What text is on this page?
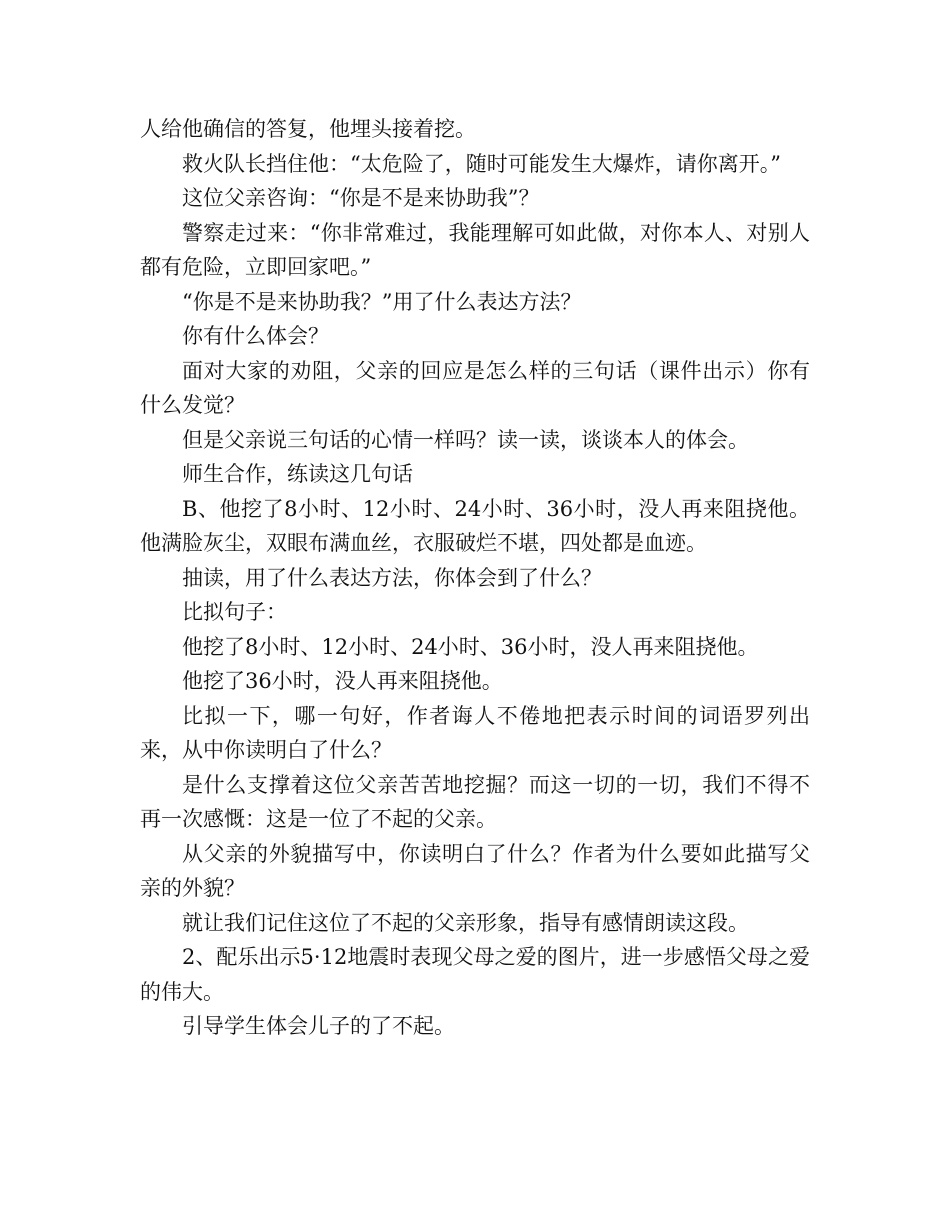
人给他确信的答复，他埋头接着挖。

救火队长挡住他：“太危险了，随时可能发生大爆炸，请你离开。”

这位父亲咨询：“你是不是来协助我”？

警察走过来：“你非常难过，我能理解可如此做，对你本人、对别人都有危险，立即回家吧。”

“你是不是来协助我？”用了什么表达方法？

你有什么体会？

面对大家的劝阻，父亲的回应是怎么样的三句话（课件出示）你有什么发觉？

但是父亲说三句话的心情一样吗？读一读，谈谈本人的体会。

师生合作，练读这几句话

B、他挖了8小时、12小时、24小时、36小时，没人再来阻挠他。他满脸灰尘，双眼布满血丝，衣服破烂不堪，四处都是血迹。

抽读，用了什么表达方法，你体会到了什么？

比拟句子：

他挖了8小时、12小时、24小时、36小时，没人再来阻挠他。

他挖了36小时，没人再来阻挠他。

比拟一下，哪一句好，作者诲人不倦地把表示时间的词语罗列出来，从中你读明白了什么？

是什么支撑着这位父亲苦苦地挖掘？而这一切的一切，我们不得不再一次感慨：这是一位了不起的父亲。

从父亲的外貌描写中，你读明白了什么？作者为什么要如此描写父亲的外貌？

就让我们记住这位了不起的父亲形象，指导有感情朗读这段。

2、配乐出示5·12地震时表现父母之爱的图片，进一步感悟父母之爱的伟大。

引导学生体会儿子的了不起。
